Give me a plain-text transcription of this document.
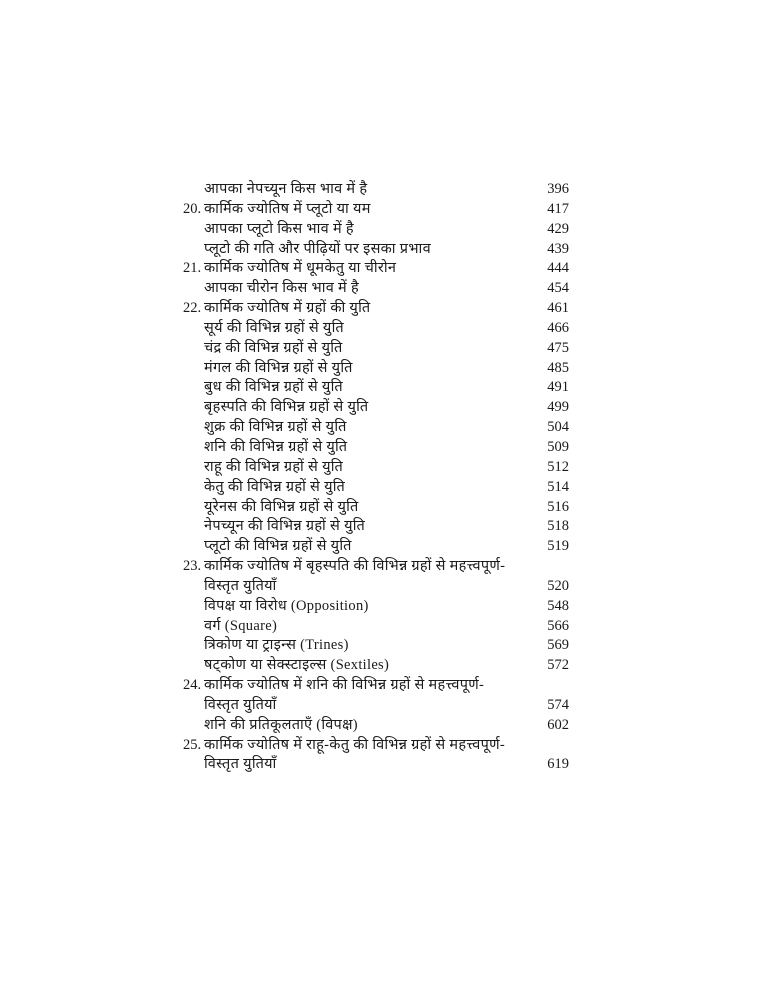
आपका नेपच्यून किस भाव में है	396
20. कार्मिक ज्योतिष में प्लूटो या यम	417
आपका प्लूटो किस भाव में है	429
प्लूटो की गति और पीढ़ियों पर इसका प्रभाव	439
21. कार्मिक ज्योतिष में धूमकेतु या चीरोन	444
आपका चीरोन किस भाव में है	454
22. कार्मिक ज्योतिष में ग्रहों की युति	461
सूर्य की विभिन्न ग्रहों से युति	466
चंद्र की विभिन्न ग्रहों से युति	475
मंगल की विभिन्न ग्रहों से युति	485
बुध की विभिन्न ग्रहों से युति	491
बृहस्पति की विभिन्न ग्रहों से युति	499
शुक्र की विभिन्न ग्रहों से युति	504
शनि की विभिन्न ग्रहों से युति	509
राहू की विभिन्न ग्रहों से युति	512
केतु की विभिन्न ग्रहों से युति	514
यूरेनस की विभिन्न ग्रहों से युति	516
नेपच्यून की विभिन्न ग्रहों से युति	518
प्लूटो की विभिन्न ग्रहों से युति	519
23. कार्मिक ज्योतिष में बृहस्पति की विभिन्न ग्रहों से महत्त्वपूर्ण-
विस्तृत युतियाँ	520
विपक्ष या विरोध (Opposition)	548
वर्ग (Square)	566
त्रिकोण या ट्राइन्स (Trines)	569
षट्कोण या सेक्स्टाइल्स (Sextiles)	572
24. कार्मिक ज्योतिष में शनि की विभिन्न ग्रहों से महत्त्वपूर्ण-
विस्तृत युतियाँ	574
शनि की प्रतिकूलताएँ (विपक्ष)	602
25. कार्मिक ज्योतिष में राहू-केतु की विभिन्न ग्रहों से महत्त्वपूर्ण-
विस्तृत युतियाँ	619
